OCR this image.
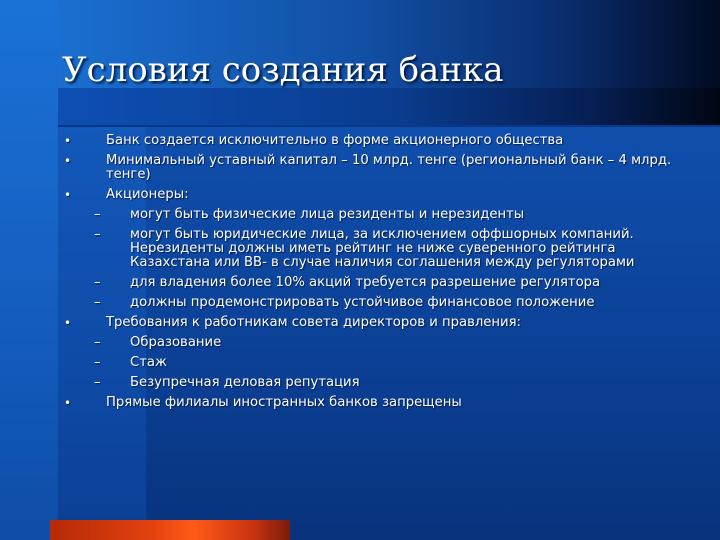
Условия создания банка
•	Банк создается исключительно в форме акционерного общества
•	Минимальный уставный капитал – 10 млрд. тенге (региональный банк – 4 млрд. тенге)
•	Акционеры:
– могут быть физические лица резиденты и нерезиденты
– могут быть юридические лица, за исключением оффшорных компаний. Нерезиденты должны иметь рейтинг не ниже суверенного рейтинга Казахстана или ВВ- в случае наличия соглашения между регуляторами
– для владения более 10% акций требуется разрешение регулятора
– должны продемонстрировать устойчивое финансовое положение
•	Требования к работникам совета директоров и правления:
– Образование
– Стаж
– Безупречная деловая репутация
•	Прямые филиалы иностранных банков запрещены
